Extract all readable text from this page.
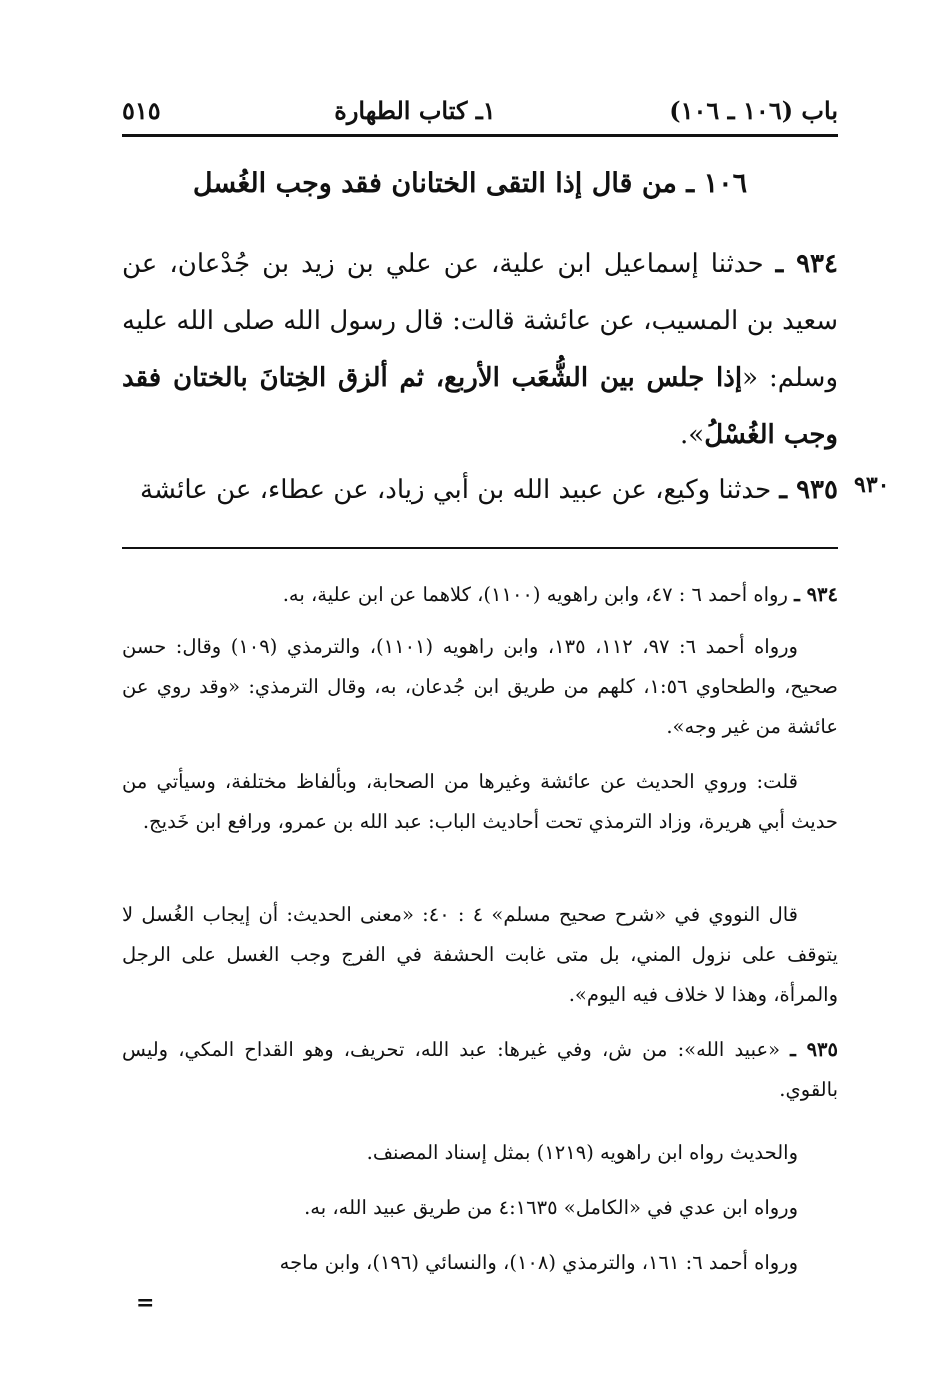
باب (١٠٦ ـ ١٠٦)
١ـ كتاب الطهارة
٥١٥
١٠٦ ـ من قال إذا التقى الختانان فقد وجب الغُسل
٩٣٤ ـ حدثنا إسماعيل ابن علية، عن علي بن زيد بن جُدْعان، عن سعيد بن المسيب، عن عائشة قالت: قال رسول الله صلى الله عليه وسلم: «إذا جلس بين الشُّعَب الأربع، ثم ألزق الخِتانَ بالختان فقد وجب الغُسْلُ».
٩٣٥ ـ حدثنا وكيع، عن عبيد الله بن أبي زياد، عن عطاء، عن عائشة	٩٣٠
٩٣٤ ـ رواه أحمد ٦ : ٤٧، وابن راهويه (١١٠٠)، كلاهما عن ابن علية، به.
ورواه أحمد ٦: ٩٧، ١١٢، ١٣٥، وابن راهويه (١١٠١)، والترمذي (١٠٩) وقال: حسن صحيح، والطحاوي ١:٥٦، كلهم من طريق ابن جُدعان، به، وقال الترمذي: «وقد روي عن عائشة من غير وجه».
قلت: وروي الحديث عن عائشة وغيرها من الصحابة، وبألفاظ مختلفة، وسيأتي من حديث أبي هريرة، وزاد الترمذي تحت أحاديث الباب: عبد الله بن عمرو، ورافع ابن خَديج.
قال النووي في «شرح صحيح مسلم» ٤ : ٤٠: «معنى الحديث: أن إيجاب الغُسل لا يتوقف على نزول المني، بل متى غابت الحشفة في الفرج وجب الغسل على الرجل والمرأة، وهذا لا خلاف فيه اليوم».
٩٣٥ ـ «عبيد الله»: من ش، وفي غيرها: عبد الله، تحريف، وهو القداح المكي، وليس بالقوي.
والحديث رواه ابن راهويه (١٢١٩) بمثل إسناد المصنف.
ورواه ابن عدي في «الكامل» ٤:١٦٣٥ من طريق عبيد الله، به.
ورواه أحمد ٦: ١٦١، والترمذي (١٠٨)، والنسائي (١٩٦)، وابن ماجه
=
